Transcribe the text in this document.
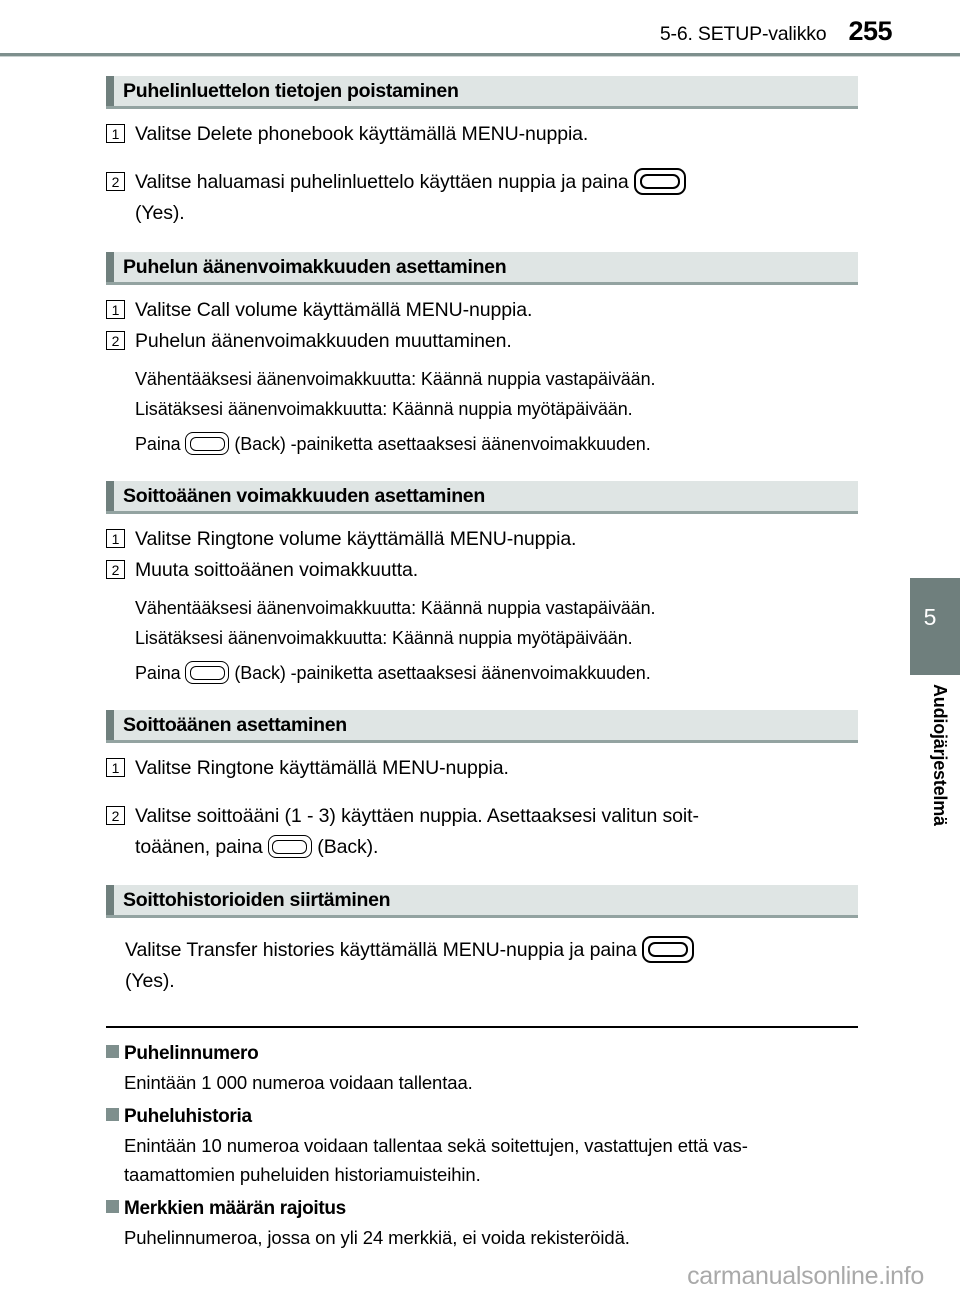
5-6. SETUP-valikko 255
Puhelinluettelon tietojen poistaminen
1 Valitse Delete phonebook käyttämällä MENU-nuppia.
2 Valitse haluamasi puhelinluettelo käyttäen nuppia ja paina
(Yes).
Puhelun äänenvoimakkuuden asettaminen
1 Valitse Call volume käyttämällä MENU-nuppia.
2 Puhelun äänenvoimakkuuden muuttaminen.
Vähentääksesi äänenvoimakkuutta: Käännä nuppia vastapäivään.
Lisätäksesi äänenvoimakkuutta: Käännä nuppia myötäpäivään.
Paina	(Back) -painiketta asettaaksesi äänenvoimakkuuden.
Soittoäänen voimakkuuden asettaminen
1 Valitse Ringtone volume käyttämällä MENU-nuppia.
2 Muuta soittoäänen voimakkuutta.
Vähentääksesi äänenvoimakkuutta: Käännä nuppia vastapäivään.
Lisätäksesi äänenvoimakkuutta: Käännä nuppia myötäpäivään.
Paina	(Back) -painiketta asettaaksesi äänenvoimakkuuden.
Soittoäänen asettaminen
1 Valitse Ringtone käyttämällä MENU-nuppia.
2 Valitse soittoääni (1 - 3) käyttäen nuppia. Asettaaksesi valitun soit-
toäänen, paina	(Back).
Soittohistorioiden siirtäminen
Valitse Transfer histories käyttämällä MENU-nuppia ja paina
(Yes).
Puhelinnumero
Enintään 1 000 numeroa voidaan tallentaa.
Puheluhistoria
Enintään 10 numeroa voidaan tallentaa sekä soitettujen, vastattujen että vas-
taamattomien puheluiden historiamuisteihin.
Merkkien määrän rajoitus
Puhelinnumeroa, jossa on yli 24 merkkiä, ei voida rekisteröidä.
5
Audiojärjestelmä
carmanualsonline.info
